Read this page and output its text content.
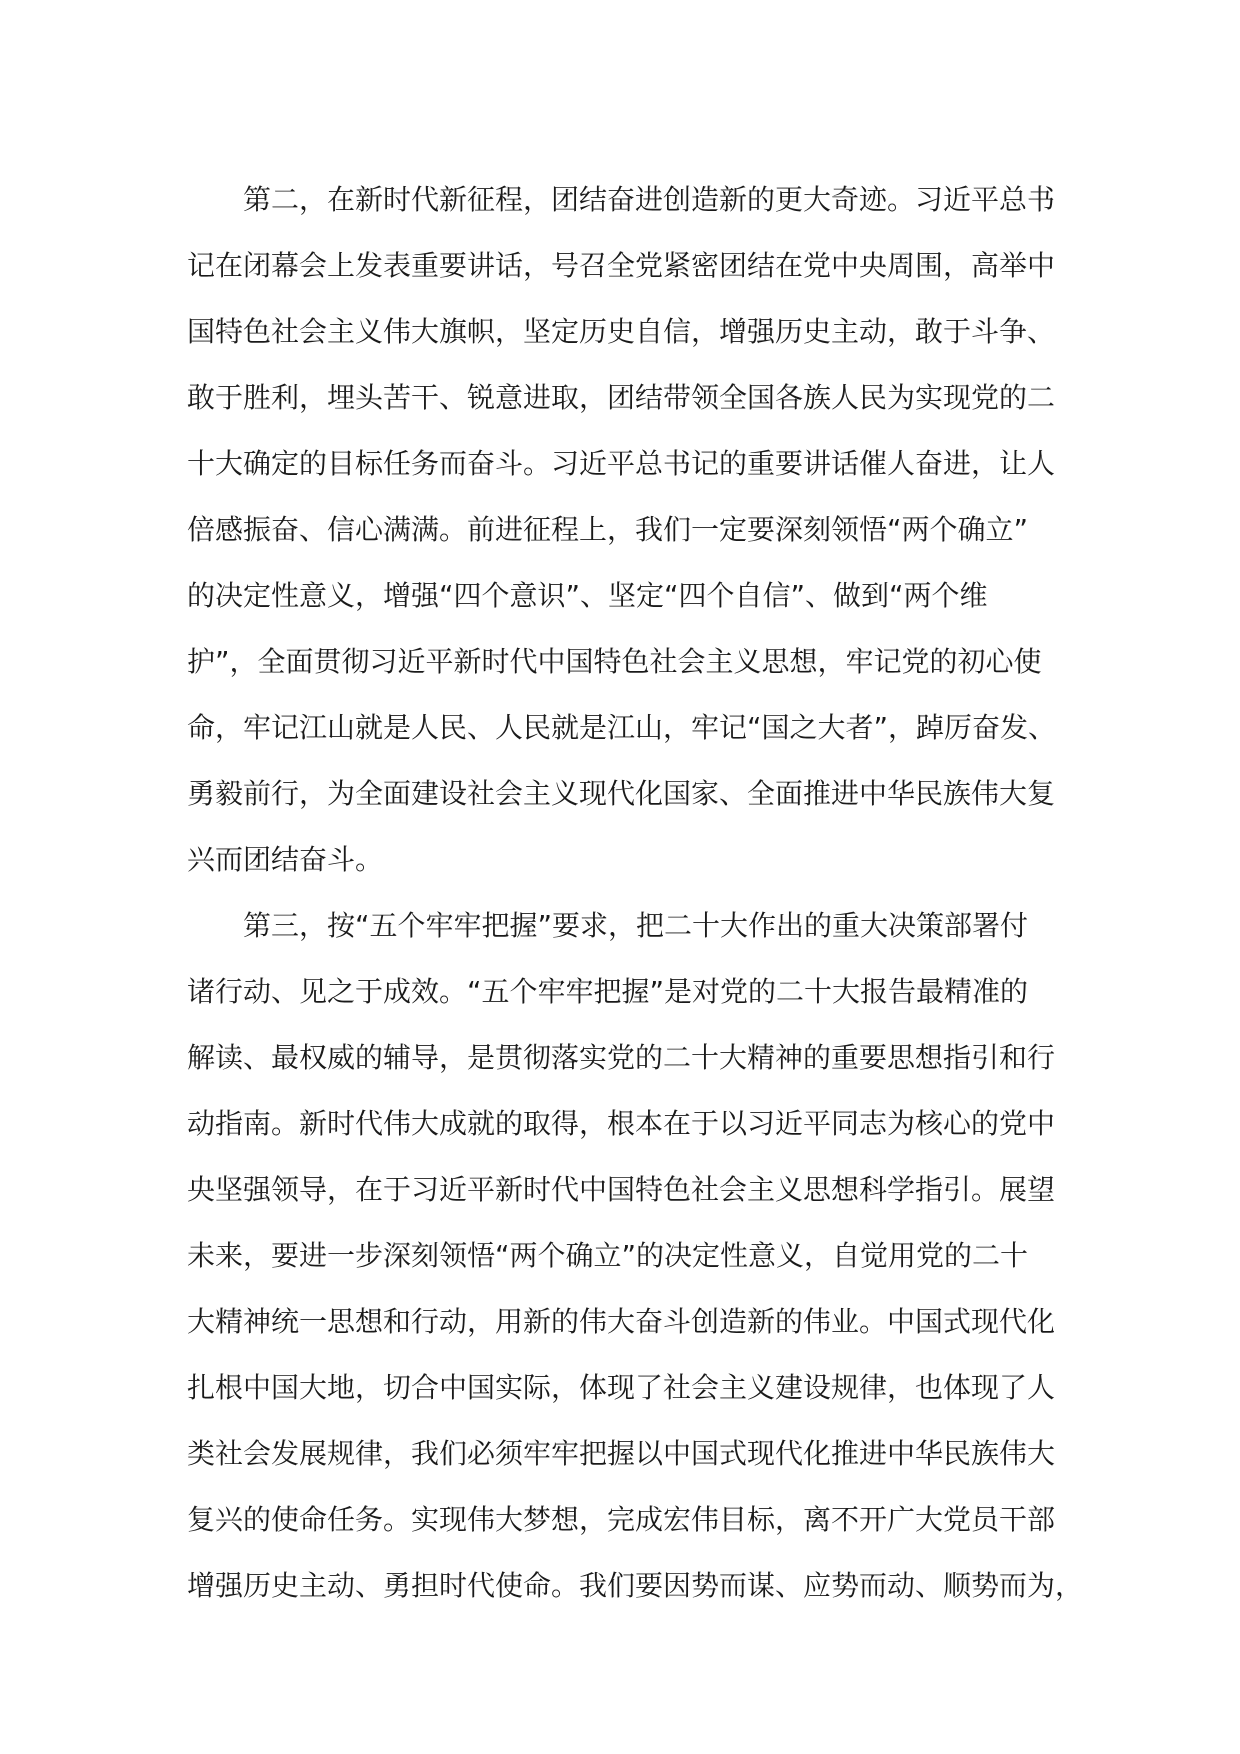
第二，在新时代新征程，团结奋进创造新的更大奇迹。习近平总书
记在闭幕会上发表重要讲话，号召全党紧密团结在党中央周围，高举中
国特色社会主义伟大旗帜，坚定历史自信，增强历史主动，敢于斗争、
敢于胜利，埋头苦干、锐意进取，团结带领全国各族人民为实现党的二
十大确定的目标任务而奋斗。习近平总书记的重要讲话催人奋进，让人
倍感振奋、信心满满。前进征程上，我们一定要深刻领悟“两个确立”
的决定性意义，增强“四个意识”、坚定“四个自信”、做到“两个维
护”，全面贯彻习近平新时代中国特色社会主义思想，牢记党的初心使
命，牢记江山就是人民、人民就是江山，牢记“国之大者”，踔厉奋发、
勇毅前行，为全面建设社会主义现代化国家、全面推进中华民族伟大复
兴而团结奋斗。
第三，按“五个牢牢把握”要求，把二十大作出的重大决策部署付
诸行动、见之于成效。“五个牢牢把握”是对党的二十大报告最精准的
解读、最权威的辅导，是贯彻落实党的二十大精神的重要思想指引和行
动指南。新时代伟大成就的取得，根本在于以习近平同志为核心的党中
央坚强领导，在于习近平新时代中国特色社会主义思想科学指引。展望
未来，要进一步深刻领悟“两个确立”的决定性意义，自觉用党的二十
大精神统一思想和行动，用新的伟大奋斗创造新的伟业。中国式现代化
扎根中国大地，切合中国实际，体现了社会主义建设规律，也体现了人
类社会发展规律，我们必须牢牢把握以中国式现代化推进中华民族伟大
复兴的使命任务。实现伟大梦想，完成宏伟目标，离不开广大党员干部
增强历史主动、勇担时代使命。我们要因势而谋、应势而动、顺势而为，
